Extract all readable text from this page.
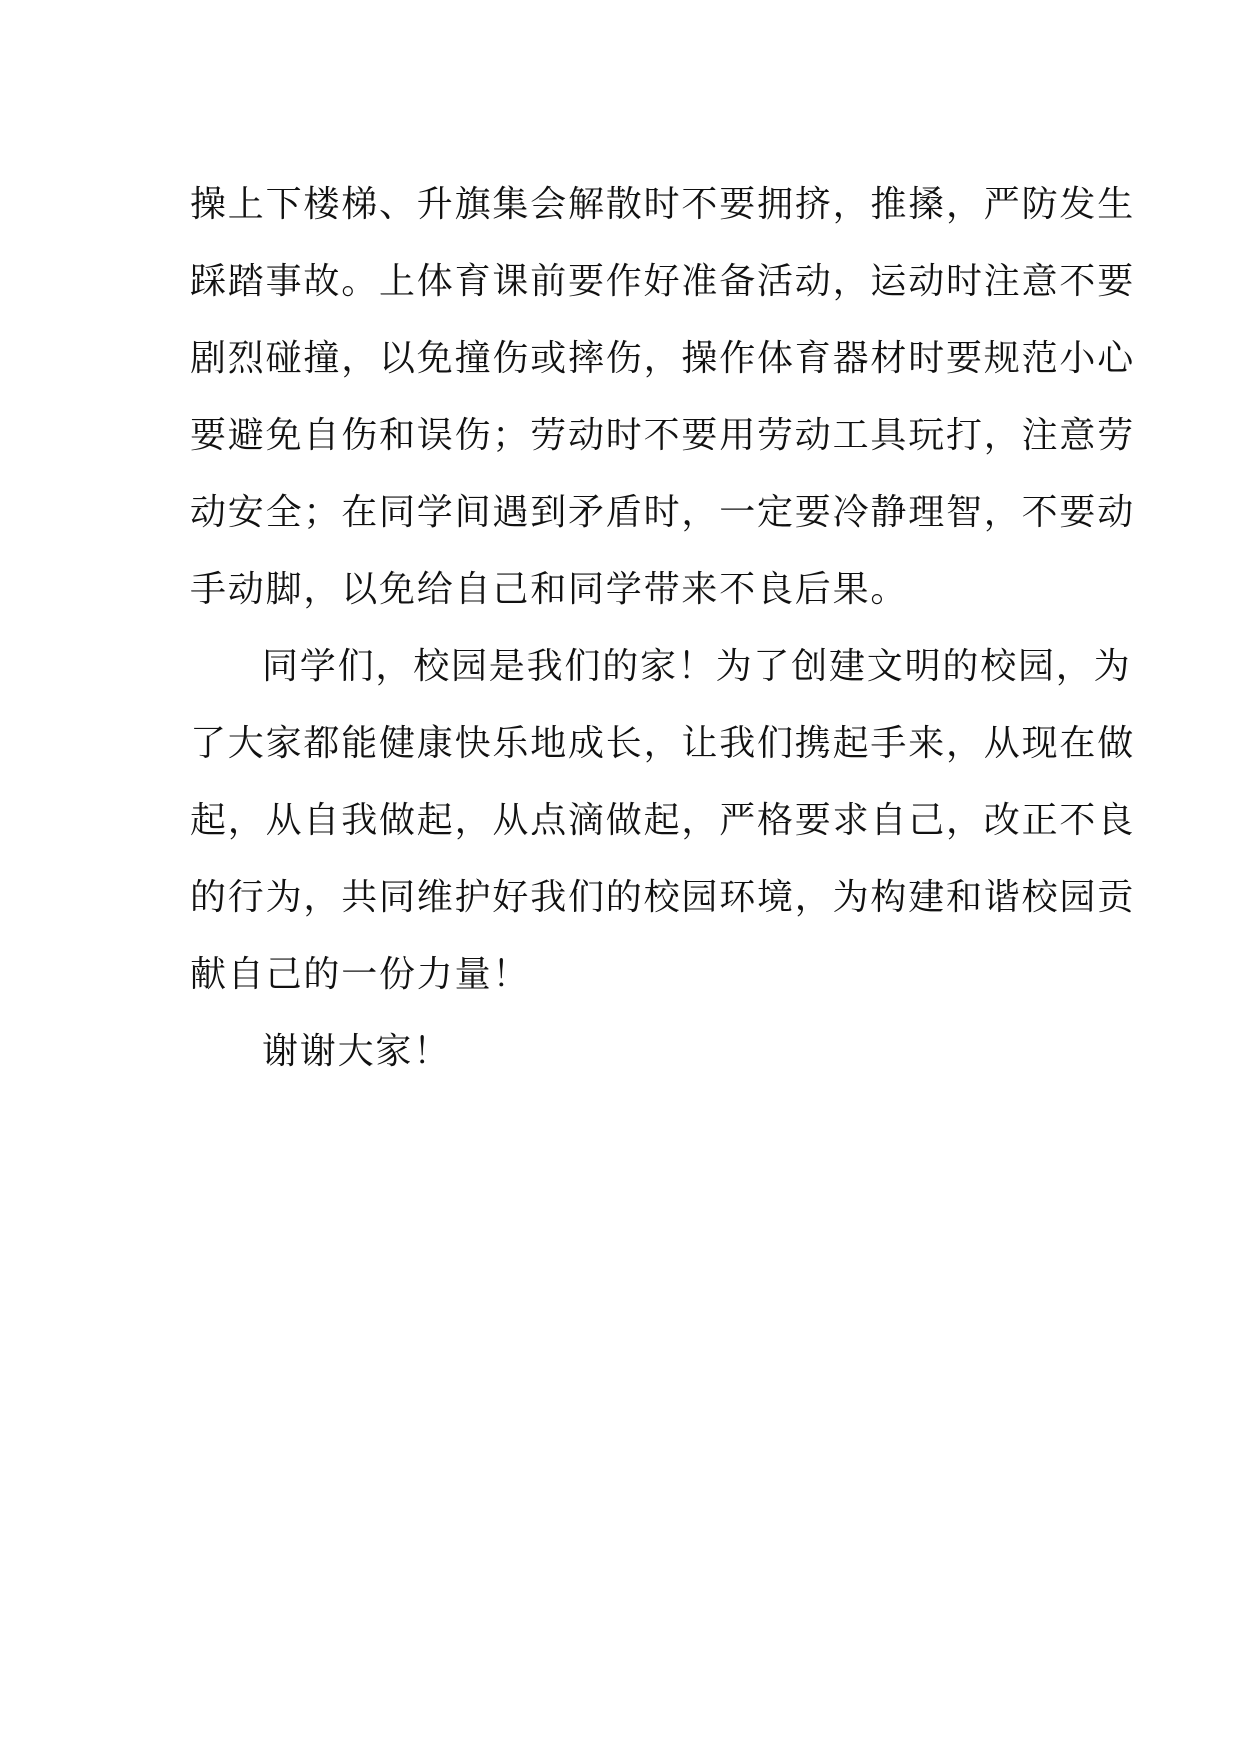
操上下楼梯、升旗集会解散时不要拥挤，推搡，严防发生
踩踏事故。上体育课前要作好准备活动，运动时注意不要
剧烈碰撞，以免撞伤或摔伤，操作体育器材时要规范小心
要避免自伤和误伤；劳动时不要用劳动工具玩打，注意劳
动安全；在同学间遇到矛盾时，一定要冷静理智，不要动
手动脚，以免给自己和同学带来不良后果。
同学们，校园是我们的家！为了创建文明的校园，为
了大家都能健康快乐地成长，让我们携起手来，从现在做
起，从自我做起，从点滴做起，严格要求自己，改正不良
的行为，共同维护好我们的校园环境，为构建和谐校园贡
献自己的一份力量！
谢谢大家！
